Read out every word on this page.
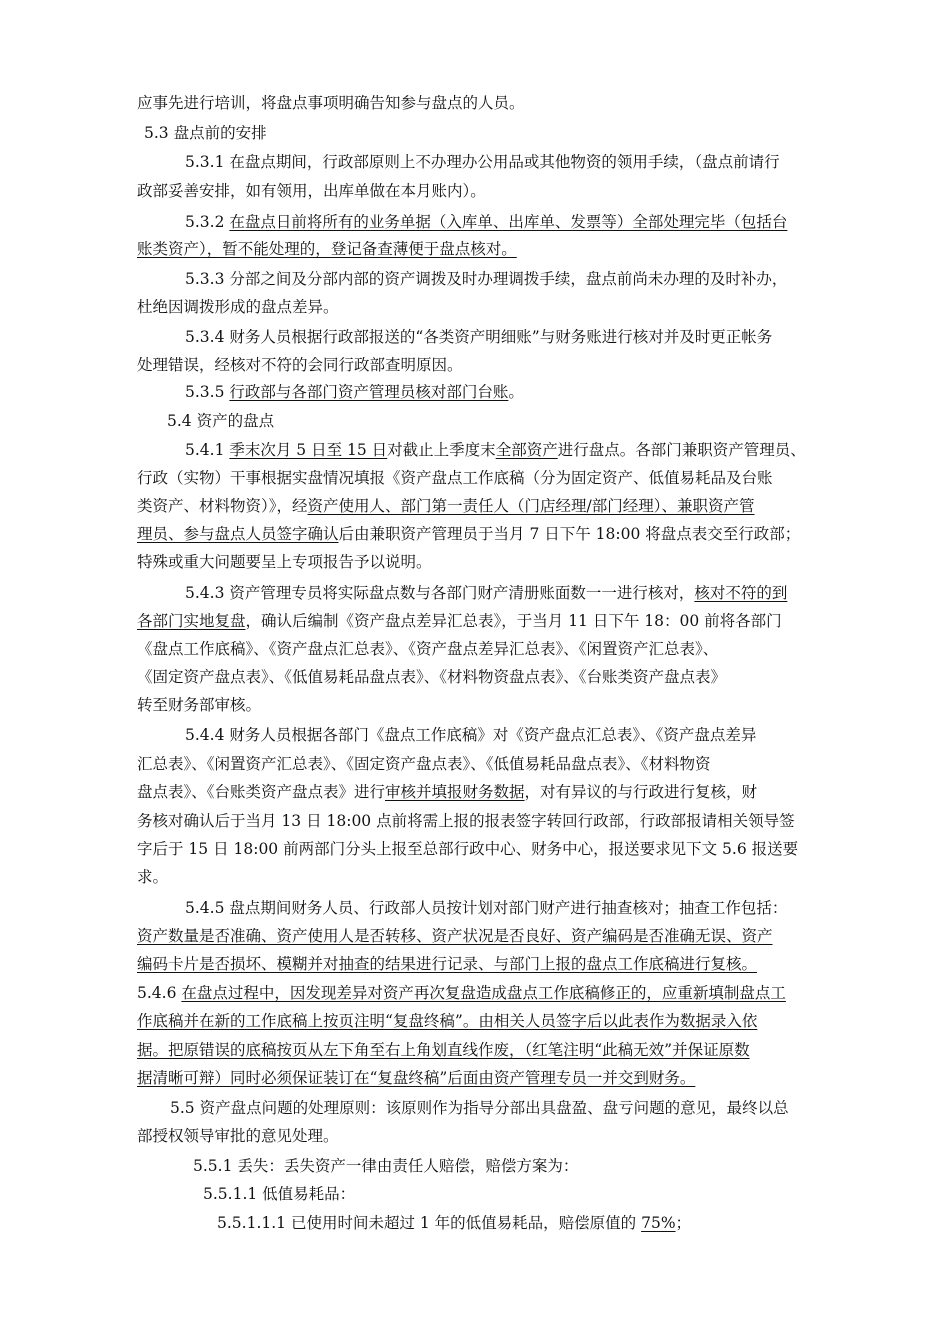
应事先进行培训，将盘点事项明确告知参与盘点的人员。
5.3 盘点前的安排
5.3.1 在盘点期间，行政部原则上不办理办公用品或其他物资的领用手续，（盘点前请行
政部妥善安排，如有领用，出库单做在本月账内）。
5.3.2 在盘点日前将所有的业务单据（入库单、出库单、发票等）全部处理完毕（包括台
账类资产），暂不能处理的，登记备查薄便于盘点核对。
5.3.3 分部之间及分部内部的资产调拨及时办理调拨手续，盘点前尚未办理的及时补办，
杜绝因调拨形成的盘点差异。
5.3.4 财务人员根据行政部报送的“各类资产明细账”与财务账进行核对并及时更正帐务
处理错误，经核对不符的会同行政部查明原因。
5.3.5 行政部与各部门资产管理员核对部门台账。
5.4 资产的盘点
5.4.1 季末次月 5 日至 15 日对截止上季度末全部资产进行盘点。各部门兼职资产管理员、
行政（实物）干事根据实盘情况填报《资产盘点工作底稿（分为固定资产、低值易耗品及台账
类资产、材料物资）》，经资产使用人、部门第一责任人（门店经理/部门经理）、兼职资产管
理员、参与盘点人员签字确认后由兼职资产管理员于当月 7 日下午 18:00 将盘点表交至行政部；
特殊或重大问题要呈上专项报告予以说明。
5.4.3 资产管理专员将实际盘点数与各部门财产清册账面数一一进行核对，核对不符的到
各部门实地复盘，确认后编制《资产盘点差异汇总表》，于当月 11 日下午 18：00 前将各部门
《盘点工作底稿》、《资产盘点汇总表》、《资产盘点差异汇总表》、《闲置资产汇总表》、
《固定资产盘点表》、《低值易耗品盘点表》、《材料物资盘点表》、《台账类资产盘点表》
转至财务部审核。
5.4.4 财务人员根据各部门《盘点工作底稿》对《资产盘点汇总表》、《资产盘点差异
汇总表》、《闲置资产汇总表》、《固定资产盘点表》、《低值易耗品盘点表》、《材料物资
盘点表》、《台账类资产盘点表》进行审核并填报财务数据，对有异议的与行政进行复核，财
务核对确认后于当月 13 日 18:00 点前将需上报的报表签字转回行政部，行政部报请相关领导签
字后于 15 日 18:00 前两部门分头上报至总部行政中心、财务中心，报送要求见下文 5.6 报送要
求。
5.4.5 盘点期间财务人员、行政部人员按计划对部门财产进行抽查核对；抽查工作包括：
资产数量是否准确、资产使用人是否转移、资产状况是否良好、资产编码是否准确无误、资产
编码卡片是否损坏、模糊并对抽查的结果进行记录、与部门上报的盘点工作底稿进行复核。
5.4.6 在盘点过程中，因发现差异对资产再次复盘造成盘点工作底稿修正的，应重新填制盘点工
作底稿并在新的工作底稿上按页注明“复盘终稿”。由相关人员签字后以此表作为数据录入依
据。把原错误的底稿按页从左下角至右上角划直线作废，（红笔注明“此稿无效”并保证原数
据清晰可辩）同时必须保证装订在“复盘终稿”后面由资产管理专员一并交到财务。
5.5 资产盘点问题的处理原则：该原则作为指导分部出具盘盈、盘亏问题的意见，最终以总
部授权领导审批的意见处理。
5.5.1 丢失：丢失资产一律由责任人赔偿，赔偿方案为：
5.5.1.1 低值易耗品：
5.5.1.1.1 已使用时间未超过 1 年的低值易耗品，赔偿原值的 75%；
